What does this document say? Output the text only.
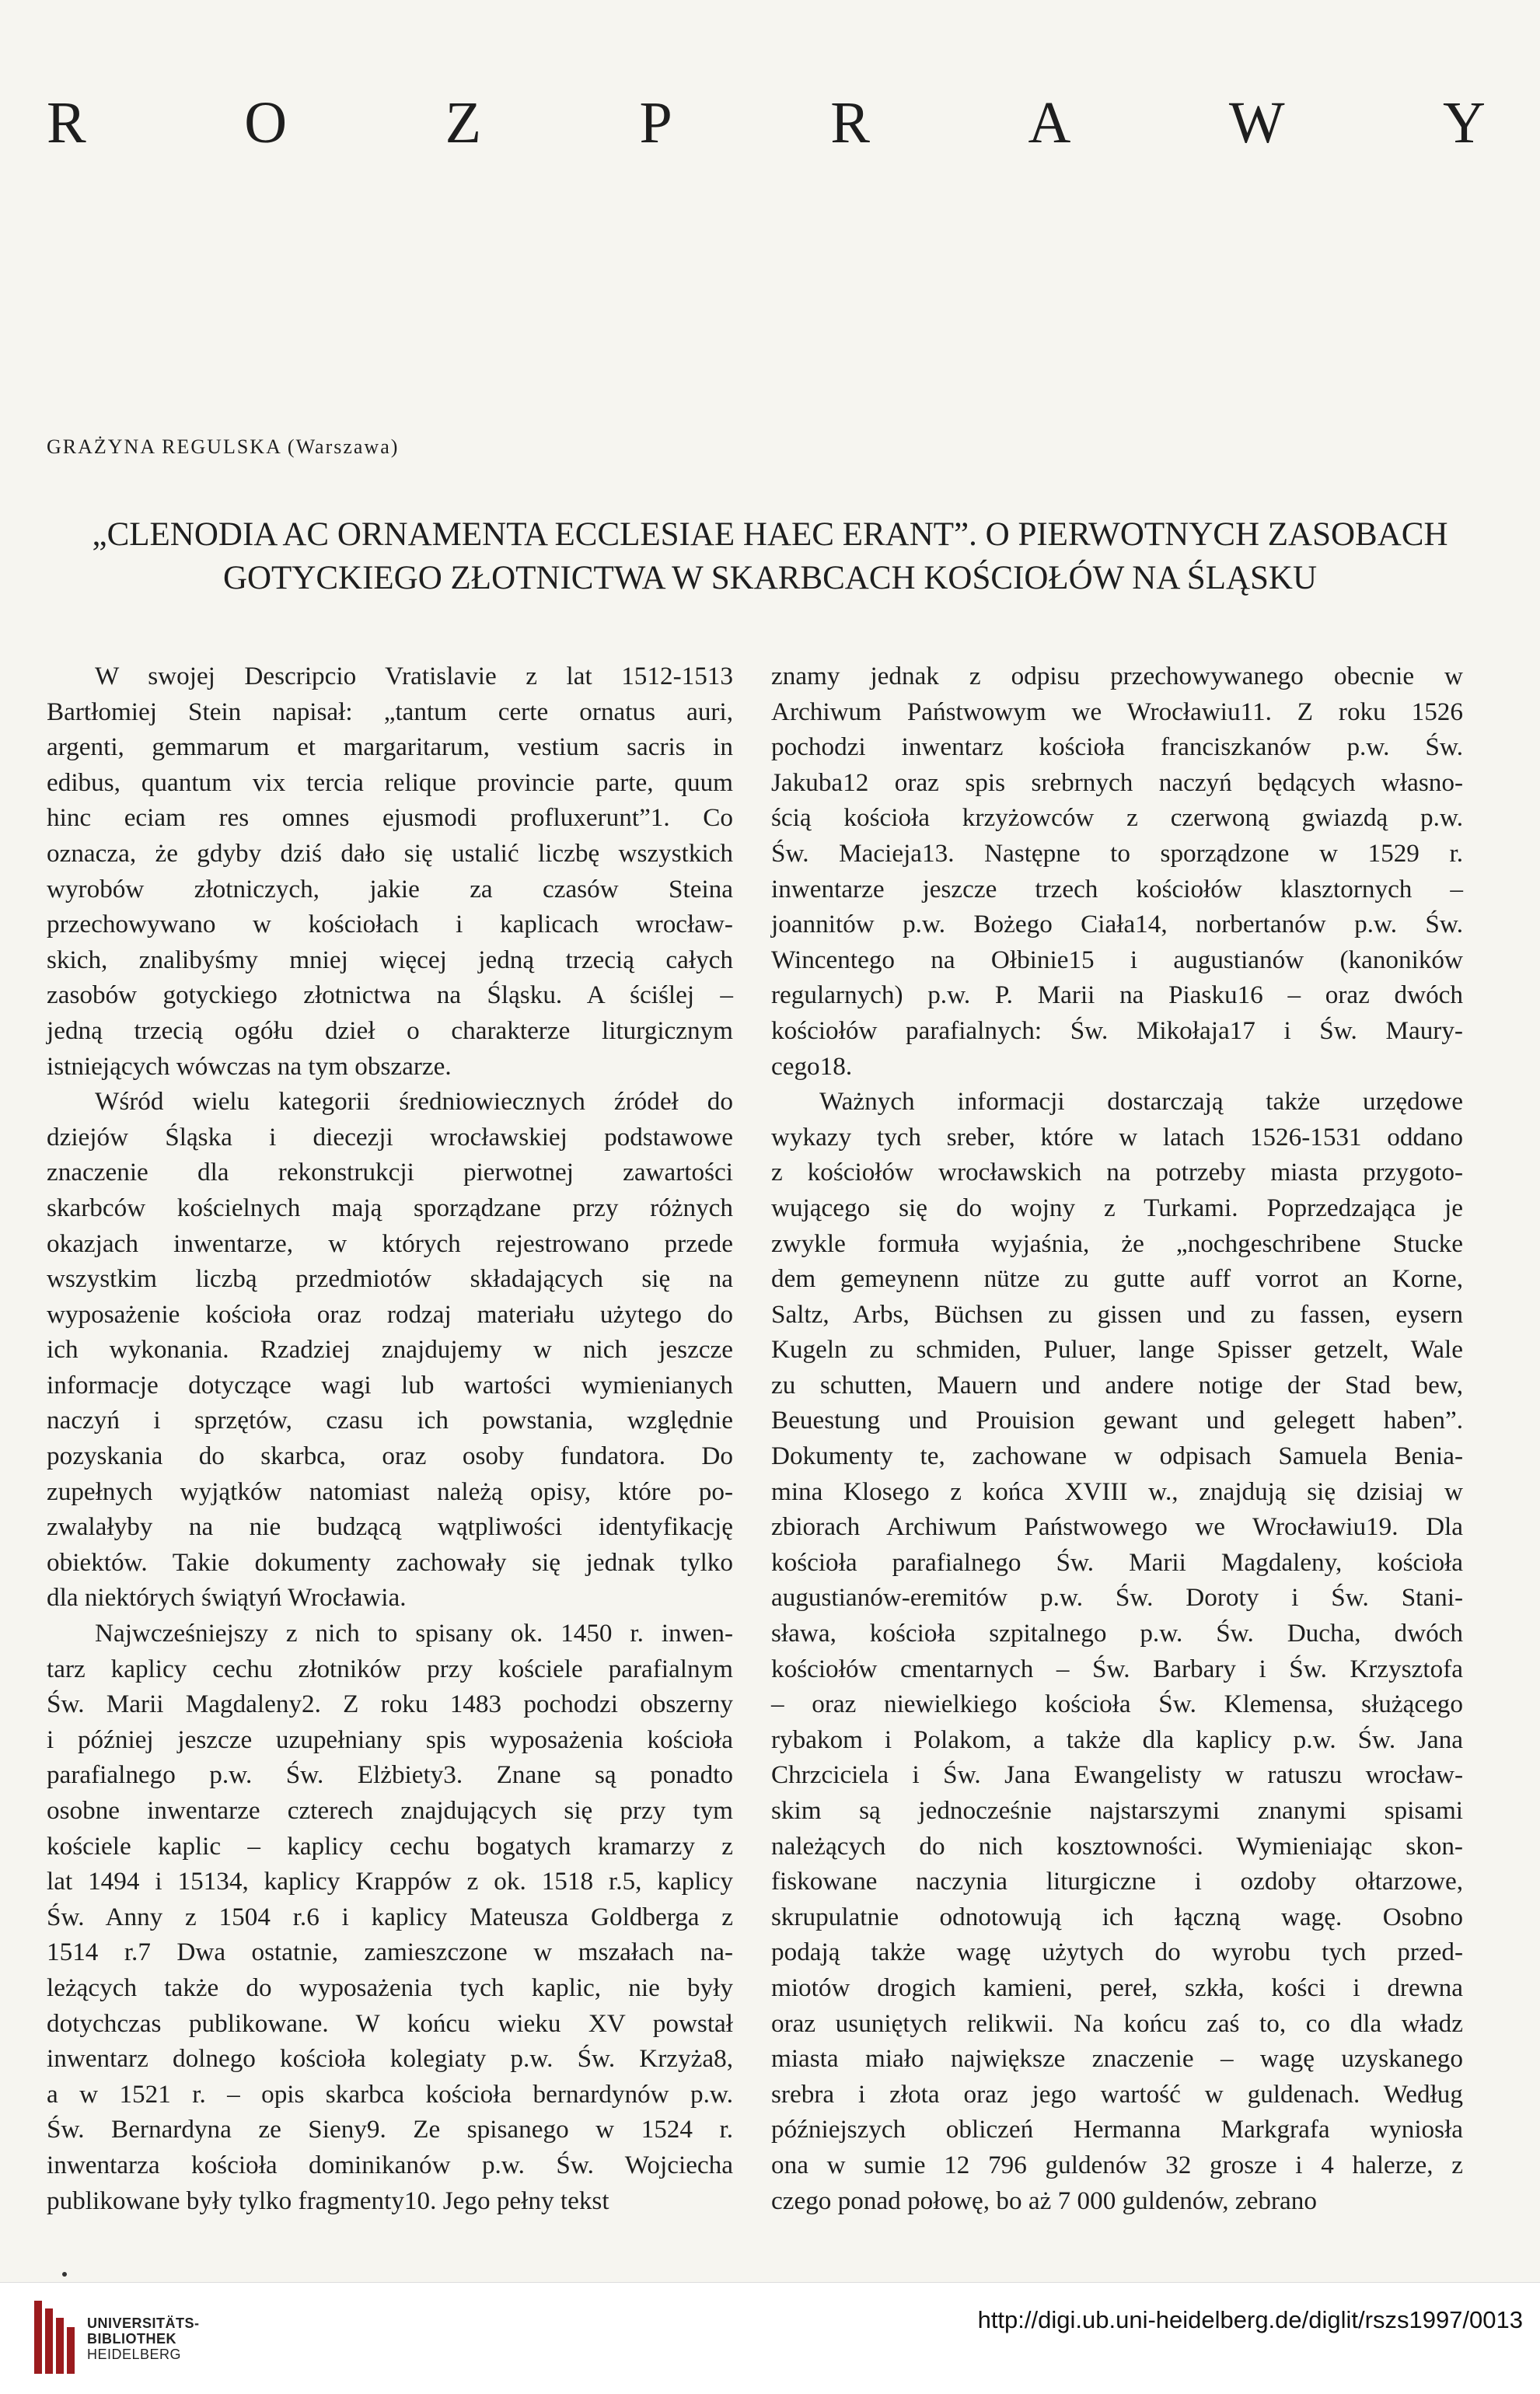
R	O	Z	P	R	A	W	Y
GRAŻYNA REGULSKA (Warszawa)
„CLENODIA AC ORNAMENTA ECCLESIAE HAEC ERANT”. O PIERWOTNYCH ZASOBACH
GOTYCKIEGO ZŁOTNICTWA W SKARBCACH KOŚCIOŁÓW NA ŚLĄSKU
W swojej Descripcio Vratislavie z lat 1512-1513
Bartłomiej Stein napisał: „tantum certe ornatus auri,
argenti, gemmarum et margaritarum, vestium sacris in
edibus, quantum vix tercia relique provincie parte, quum
hinc eciam res omnes ejusmodi profluxerunt”1. Co
oznacza, że gdyby dziś dało się ustalić liczbę wszystkich
wyrobów złotniczych, jakie za czasów Steina
przechowywano w kościołach i kaplicach wrocław-
skich, znalibyśmy mniej więcej jedną trzecią całych
zasobów gotyckiego złotnictwa na Śląsku. A ściślej –
jedną trzecią ogółu dzieł o charakterze liturgicznym
istniejących wówczas na tym obszarze.
Wśród wielu kategorii średniowiecznych źródeł do
dziejów Śląska i diecezji wrocławskiej podstawowe
znaczenie dla rekonstrukcji pierwotnej zawartości
skarbców kościelnych mają sporządzane przy różnych
okazjach inwentarze, w których rejestrowano przede
wszystkim liczbą przedmiotów składających się na
wyposażenie kościoła oraz rodzaj materiału użytego do
ich wykonania. Rzadziej znajdujemy w nich jeszcze
informacje dotyczące wagi lub wartości wymienianych
naczyń i sprzętów, czasu ich powstania, względnie
pozyskania do skarbca, oraz osoby fundatora. Do
zupełnych wyjątków natomiast należą opisy, które po-
zwalałyby na nie budzącą wątpliwości identyfikację
obiektów. Takie dokumenty zachowały się jednak tylko
dla niektórych świątyń Wrocławia.
Najwcześniejszy z nich to spisany ok. 1450 r. inwen-
tarz kaplicy cechu złotników przy kościele parafialnym
Św. Marii Magdaleny2. Z roku 1483 pochodzi obszerny
i później jeszcze uzupełniany spis wyposażenia kościoła
parafialnego p.w. Św. Elżbiety3. Znane są ponadto
osobne inwentarze czterech znajdujących się przy tym
kościele kaplic – kaplicy cechu bogatych kramarzy z
lat 1494 i 15134, kaplicy Krappów z ok. 1518 r.5, kaplicy
Św. Anny z 1504 r.6 i kaplicy Mateusza Goldberga z
1514 r.7 Dwa ostatnie, zamieszczone w mszałach na-
leżących także do wyposażenia tych kaplic, nie były
dotychczas publikowane. W końcu wieku XV powstał
inwentarz dolnego kościoła kolegiaty p.w. Św. Krzyża8,
a w 1521 r. – opis skarbca kościoła bernardynów p.w.
Św. Bernardyna ze Sieny9. Ze spisanego w 1524 r.
inwentarza kościoła dominikanów p.w. Św. Wojciecha
publikowane były tylko fragmenty10. Jego pełny tekst
znamy jednak z odpisu przechowywanego obecnie w
Archiwum Państwowym we Wrocławiu11. Z roku 1526
pochodzi inwentarz kościoła franciszkanów p.w. Św.
Jakuba12 oraz spis srebrnych naczyń będących własno-
ścią kościoła krzyżowców z czerwoną gwiazdą p.w.
Św. Macieja13. Następne to sporządzone w 1529 r.
inwentarze jeszcze trzech kościołów klasztornych –
joannitów p.w. Bożego Ciała14, norbertanów p.w. Św.
Wincentego na Ołbinie15 i augustianów (kanoników
regularnych) p.w. P. Marii na Piasku16 – oraz dwóch
kościołów parafialnych: Św. Mikołaja17 i Św. Maury-
cego18.
Ważnych informacji dostarczają także urzędowe
wykazy tych sreber, które w latach 1526-1531 oddano
z kościołów wrocławskich na potrzeby miasta przygoto-
wującego się do wojny z Turkami. Poprzedzająca je
zwykle formuła wyjaśnia, że „nochgeschribene Stucke
dem gemeynenn nütze zu gutte auff vorrot an Korne,
Saltz, Arbs, Büchsen zu gissen und zu fassen, eysern
Kugeln zu schmiden, Puluer, lange Spisser getzelt, Wale
zu schutten, Mauern und andere notige der Stad bew,
Beuestung und Prouision gewant und gelegett haben”.
Dokumenty te, zachowane w odpisach Samuela Benia-
mina Klosego z końca XVIII w., znajdują się dzisiaj w
zbiorach Archiwum Państwowego we Wrocławiu19. Dla
kościoła parafialnego Św. Marii Magdaleny, kościoła
augustianów-eremitów p.w. Św. Doroty i Św. Stani-
sława, kościoła szpitalnego p.w. Św. Ducha, dwóch
kościołów cmentarnych – Św. Barbary i Św. Krzysztofa
– oraz niewielkiego kościoła Św. Klemensa, służącego
rybakom i Polakom, a także dla kaplicy p.w. Św. Jana
Chrzciciela i Św. Jana Ewangelisty w ratuszu wrocław-
skim są jednocześnie najstarszymi znanymi spisami
należących do nich kosztowności. Wymieniając skon-
fiskowane naczynia liturgiczne i ozdoby ołtarzowe,
skrupulatnie odnotowują ich łączną wagę. Osobno
podają także wagę użytych do wyrobu tych przed-
miotów drogich kamieni, pereł, szkła, kości i drewna
oraz usuniętych relikwii. Na końcu zaś to, co dla władz
miasta miało największe znaczenie – wagę uzyskanego
srebra i złota oraz jego wartość w guldenach. Według
późniejszych obliczeń Hermanna Markgrafa wyniosła
ona w sumie 12 796 guldenów 32 grosze i 4 halerze, z
czego ponad połowę, bo aż 7 000 guldenów, zebrano
UNIVERSITÄTS-
BIBLIOTHEK
HEIDELBERG
http://digi.ub.uni-heidelberg.de/diglit/rszs1997/0013
